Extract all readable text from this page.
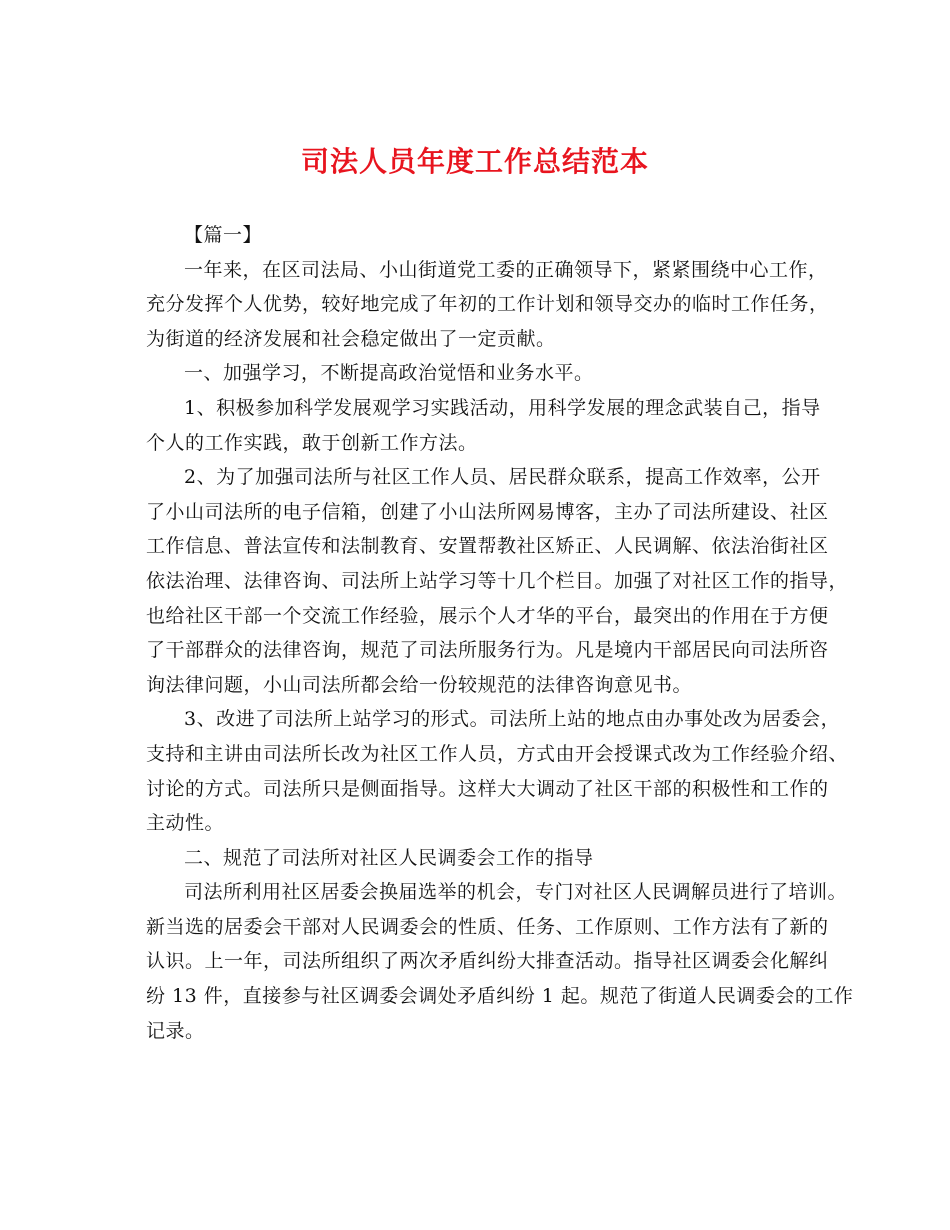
司法人员年度工作总结范本
【篇一】
一年来，在区司法局、小山街道党工委的正确领导下，紧紧围绕中心工作，
充分发挥个人优势，较好地完成了年初的工作计划和领导交办的临时工作任务，
为街道的经济发展和社会稳定做出了一定贡献。
一、加强学习，不断提高政治觉悟和业务水平。
1、积极参加科学发展观学习实践活动，用科学发展的理念武装自己，指导
个人的工作实践，敢于创新工作方法。
2、为了加强司法所与社区工作人员、居民群众联系，提高工作效率，公开
了小山司法所的电子信箱，创建了小山法所网易博客，主办了司法所建设、社区
工作信息、普法宣传和法制教育、安置帮教社区矫正、人民调解、依法治街社区
依法治理、法律咨询、司法所上站学习等十几个栏目。加强了对社区工作的指导，
也给社区干部一个交流工作经验，展示个人才华的平台，最突出的作用在于方便
了干部群众的法律咨询，规范了司法所服务行为。凡是境内干部居民向司法所咨
询法律问题，小山司法所都会给一份较规范的法律咨询意见书。
3、改进了司法所上站学习的形式。司法所上站的地点由办事处改为居委会，
支持和主讲由司法所长改为社区工作人员，方式由开会授课式改为工作经验介绍、
讨论的方式。司法所只是侧面指导。这样大大调动了社区干部的积极性和工作的
主动性。
二、规范了司法所对社区人民调委会工作的指导
司法所利用社区居委会换届选举的机会，专门对社区人民调解员进行了培训。
新当选的居委会干部对人民调委会的性质、任务、工作原则、工作方法有了新的
认识。上一年，司法所组织了两次矛盾纠纷大排查活动。指导社区调委会化解纠
纷 13 件，直接参与社区调委会调处矛盾纠纷 1 起。规范了街道人民调委会的工作
记录。
